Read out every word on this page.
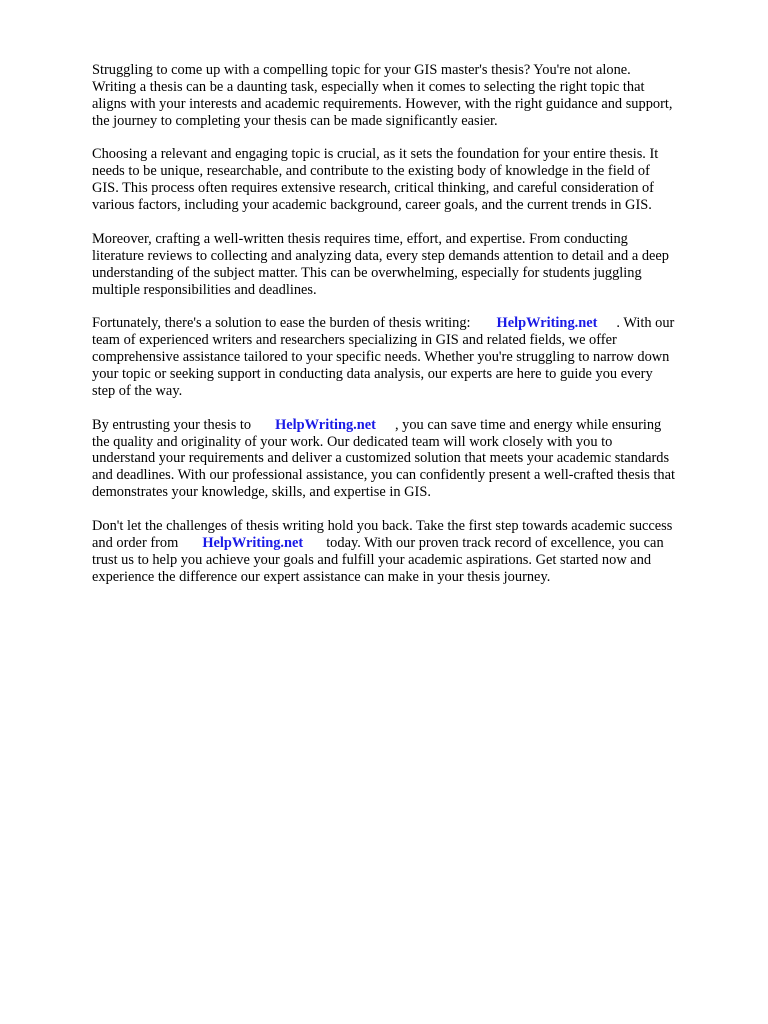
Struggling to come up with a compelling topic for your GIS master's thesis? You're not alone.
Writing a thesis can be a daunting task, especially when it comes to selecting the right topic that
aligns with your interests and academic requirements. However, with the right guidance and support,
the journey to completing your thesis can be made significantly easier.

Choosing a relevant and engaging topic is crucial, as it sets the foundation for your entire thesis. It
needs to be unique, researchable, and contribute to the existing body of knowledge in the field of
GIS. This process often requires extensive research, critical thinking, and careful consideration of
various factors, including your academic background, career goals, and the current trends in GIS.

Moreover, crafting a well-written thesis requires time, effort, and expertise. From conducting
literature reviews to collecting and analyzing data, every step demands attention to detail and a deep
understanding of the subject matter. This can be overwhelming, especially for students juggling
multiple responsibilities and deadlines.

Fortunately, there's a solution to ease the burden of thesis writing: HelpWriting.net . With our
team of experienced writers and researchers specializing in GIS and related fields, we offer
comprehensive assistance tailored to your specific needs. Whether you're struggling to narrow down
your topic or seeking support in conducting data analysis, our experts are here to guide you every
step of the way.

By entrusting your thesis to HelpWriting.net , you can save time and energy while ensuring
the quality and originality of your work. Our dedicated team will work closely with you to
understand your requirements and deliver a customized solution that meets your academic standards
and deadlines. With our professional assistance, you can confidently present a well-crafted thesis that
demonstrates your knowledge, skills, and expertise in GIS.

Don't let the challenges of thesis writing hold you back. Take the first step towards academic success
and order from HelpWriting.net today. With our proven track record of excellence, you can
trust us to help you achieve your goals and fulfill your academic aspirations. Get started now and
experience the difference our expert assistance can make in your thesis journey.
